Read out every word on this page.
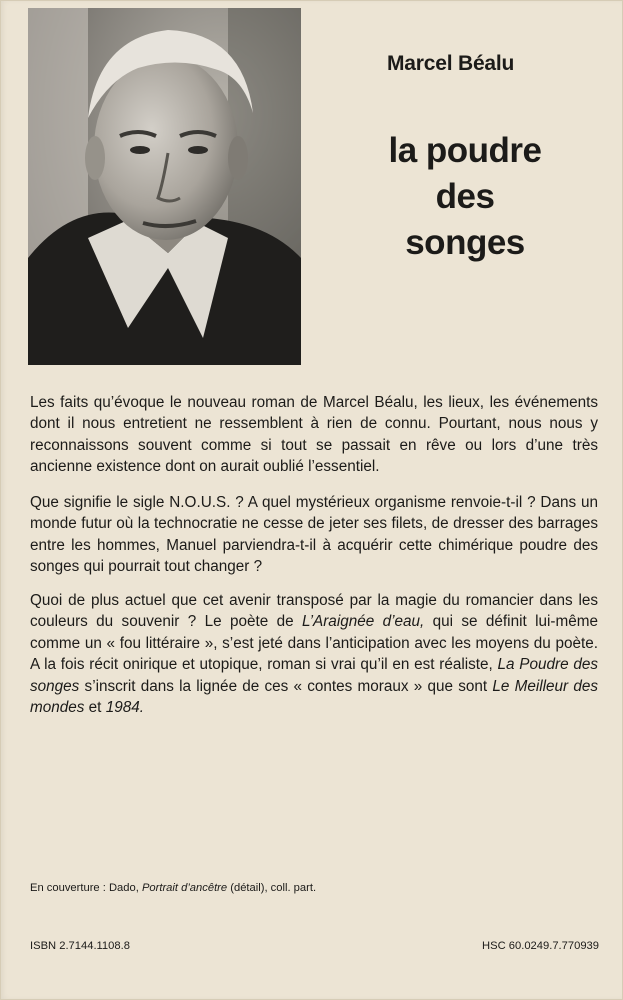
Marcel Béalu
la poudre
des
songes

Les faits qu’évoque le nouveau roman de Marcel Béalu, les lieux, les événements dont il nous entretient ne ressemblent à rien de connu. Pourtant, nous nous y reconnaissons souvent comme si tout se passait en rêve ou lors d’une très ancienne existence dont on aurait oublié l’essentiel.

Que signifie le sigle N.O.U.S. ? A quel mystérieux organisme renvoie-t-il ? Dans un monde futur où la technocratie ne cesse de jeter ses filets, de dresser des barrages entre les hommes, Manuel parviendra-t-il à acquérir cette chimérique poudre des songes qui pourrait tout changer ?

Quoi de plus actuel que cet avenir transposé par la magie du romancier dans les couleurs du souvenir ? Le poète de L’Araignée d’eau, qui se définit lui-même comme un « fou littéraire », s’est jeté dans l’anticipation avec les moyens du poète. A la fois récit onirique et utopique, roman si vrai qu’il en est réaliste, La Poudre des songes s’inscrit dans la lignée de ces « contes moraux » que sont Le Meilleur des mondes et 1984.

En couverture : Dado, Portrait d’ancêtre (détail), coll. part.

ISBN 2.7144.1108.8	HSC 60.0249.7.770939
